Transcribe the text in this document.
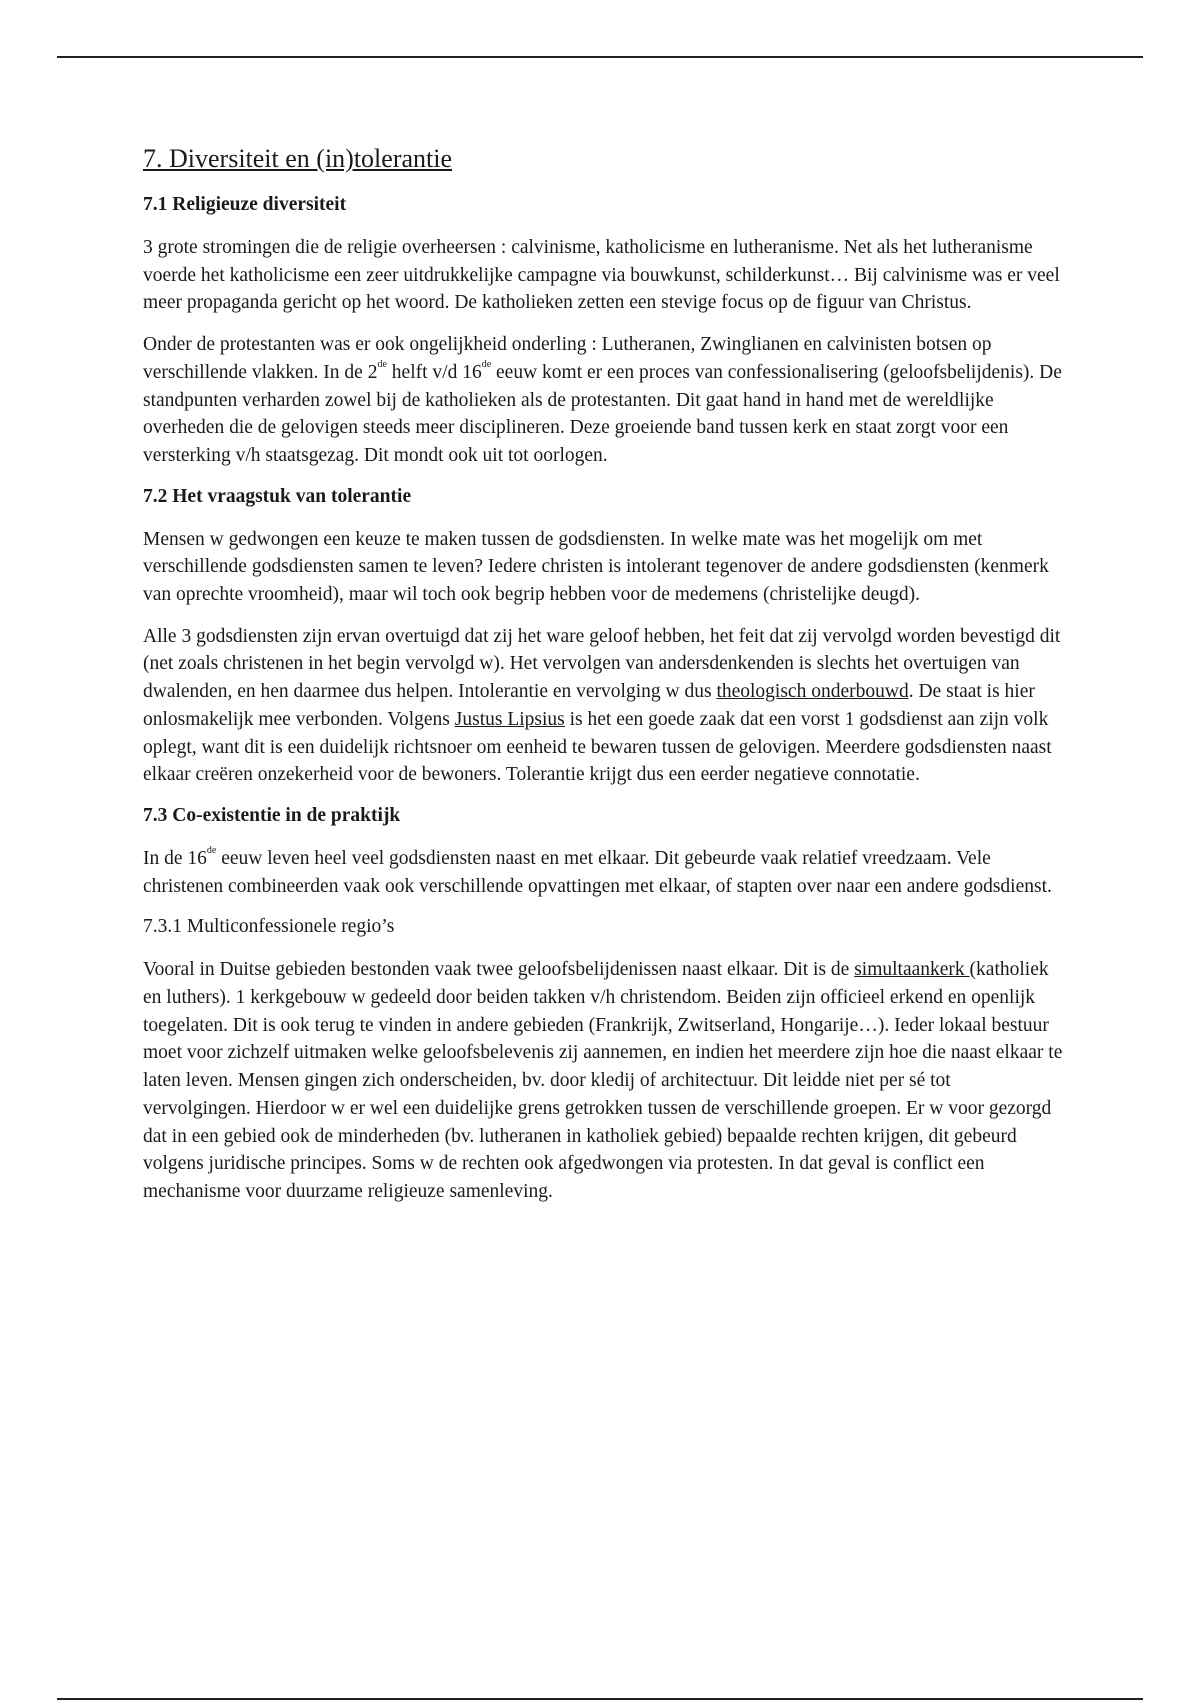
7. Diversiteit en (in)tolerantie
7.1 Religieuze diversiteit

3 grote stromingen die de religie overheersen : calvinisme, katholicisme en lutheranisme. Net als het lutheranisme voerde het katholicisme een zeer uitdrukkelijke campagne via bouwkunst, schilderkunst… Bij calvinisme was er veel meer propaganda gericht op het woord. De katholieken zetten een stevige focus op de figuur van Christus.

Onder de protestanten was er ook ongelijkheid onderling : Lutheranen, Zwinglianen en calvinisten botsen op verschillende vlakken. In de 2de helft v/d 16de eeuw komt er een proces van confessionalisering (geloofsbelijdenis). De standpunten verharden zowel bij de katholieken als de protestanten. Dit gaat hand in hand met de wereldlijke overheden die de gelovigen steeds meer disciplineren. Deze groeiende band tussen kerk en staat zorgt voor een versterking v/h staatsgezag. Dit mondt ook uit tot oorlogen.

7.2 Het vraagstuk van tolerantie

Mensen w gedwongen een keuze te maken tussen de godsdiensten. In welke mate was het mogelijk om met verschillende godsdiensten samen te leven? Iedere christen is intolerant tegenover de andere godsdiensten (kenmerk van oprechte vroomheid), maar wil toch ook begrip hebben voor de medemens (christelijke deugd).

Alle 3 godsdiensten zijn ervan overtuigd dat zij het ware geloof hebben, het feit dat zij vervolgd worden bevestigd dit (net zoals christenen in het begin vervolgd w). Het vervolgen van andersdenkenden is slechts het overtuigen van dwalenden, en hen daarmee dus helpen. Intolerantie en vervolging w dus theologisch onderbouwd. De staat is hier onlosmakelijk mee verbonden. Volgens Justus Lipsius is het een goede zaak dat een vorst 1 godsdienst aan zijn volk oplegt, want dit is een duidelijk richtsnoer om eenheid te bewaren tussen de gelovigen. Meerdere godsdiensten naast elkaar creëren onzekerheid voor de bewoners. Tolerantie krijgt dus een eerder negatieve connotatie.

7.3 Co-existentie in de praktijk

In de 16de eeuw leven heel veel godsdiensten naast en met elkaar. Dit gebeurde vaak relatief vreedzaam. Vele christenen combineerden vaak ook verschillende opvattingen met elkaar, of stapten over naar een andere godsdienst.

7.3.1 Multiconfessionele regio’s

Vooral in Duitse gebieden bestonden vaak twee geloofsbelijdenissen naast elkaar. Dit is de simultaankerk (katholiek en luthers). 1 kerkgebouw w gedeeld door beiden takken v/h christendom. Beiden zijn officieel erkend en openlijk toegelaten. Dit is ook terug te vinden in andere gebieden (Frankrijk, Zwitserland, Hongarije…). Ieder lokaal bestuur moet voor zichzelf uitmaken welke geloofsbelevenis zij aannemen, en indien het meerdere zijn hoe die naast elkaar te laten leven. Mensen gingen zich onderscheiden, bv. door kledij of architectuur. Dit leidde niet per sé tot vervolgingen. Hierdoor w er wel een duidelijke grens getrokken tussen de verschillende groepen. Er w voor gezorgd dat in een gebied ook de minderheden (bv. lutheranen in katholiek gebied) bepaalde rechten krijgen, dit gebeurd volgens juridische principes. Soms w de rechten ook afgedwongen via protesten. In dat geval is conflict een mechanisme voor duurzame religieuze samenleving.
